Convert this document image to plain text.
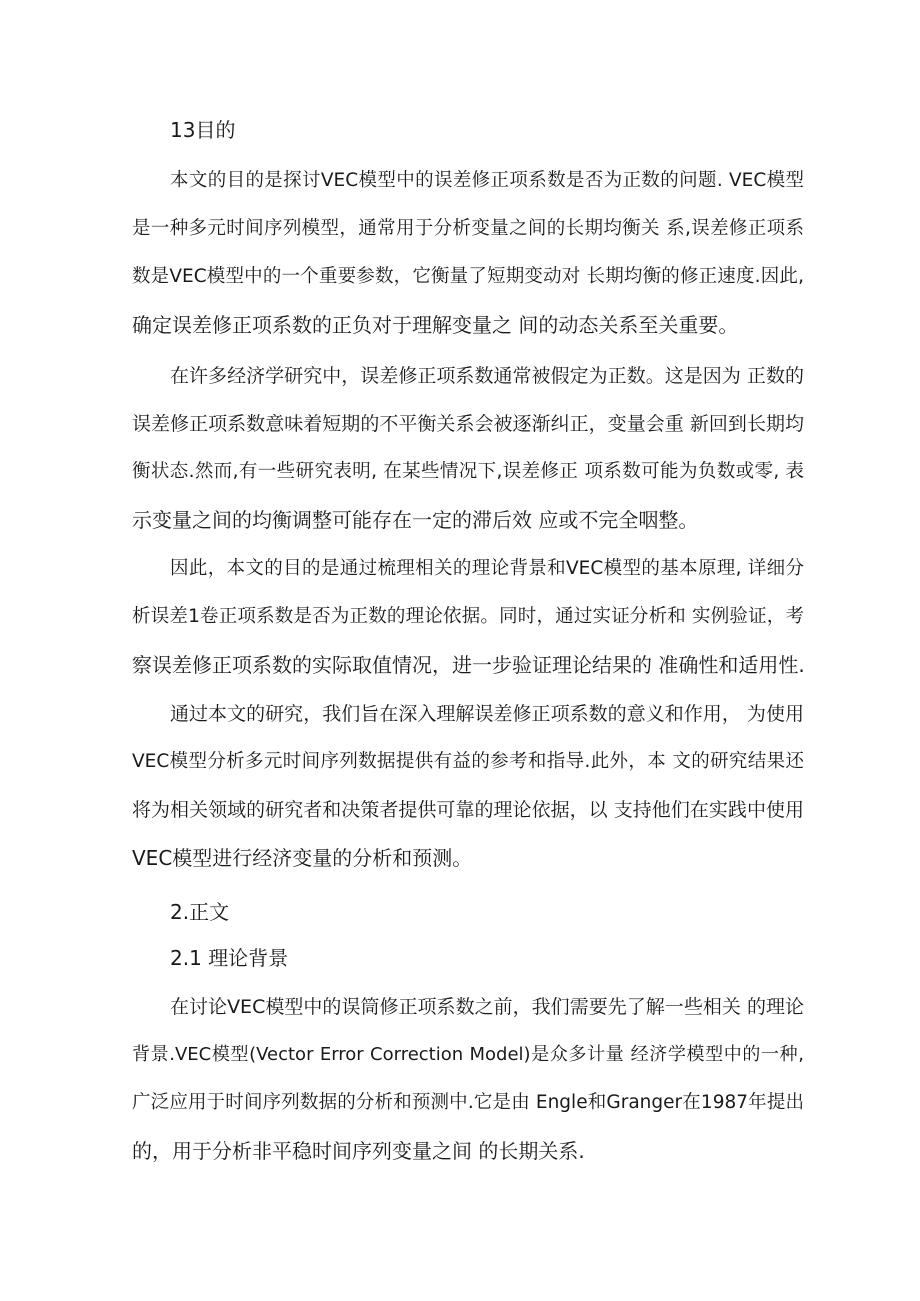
13目的
本文的目的是探讨VEC模型中的误差修正项系数是否为正数的问题. VEC模型
是一种多元时间序列模型，通常用于分析变量之间的长期均衡关 系,误差修正项系
数是VEC模型中的一个重要参数，它衡量了短期变动对 长期均衡的修正速度.因此,
确定误差修正项系数的正负对于理解变量之 间的动态关系至关重要。
在许多经济学研究中，误差修正项系数通常被假定为正数。这是因为 正数的
误差修正项系数意味着短期的不平衡关系会被逐渐纠正，变量会重 新回到长期均
衡状态.然而,有一些研究表明, 在某些情况下,误差修正 项系数可能为负数或零, 表
示变量之间的均衡调整可能存在一定的滞后效 应或不完全咽整。
因此，本文的目的是通过梳理相关的理论背景和VEC模型的基本原理, 详细分
析误差1卷正项系数是否为正数的理论依据。同时，通过实证分析和 实例验证，考
察误差修正项系数的实际取值情况，进一步验证理论结果的 准确性和适用性.
通过本文的研究，我们旨在深入理解误差修正项系数的意义和作用， 为使用
VEC模型分析多元时间序列数据提供有益的参考和指导.此外，本 文的研究结果还
将为相关领域的研究者和决策者提供可靠的理论依据，以 支持他们在实践中使用
VEC模型进行经济变量的分析和预测。
2.正文
2.1 理论背景
在讨论VEC模型中的误筒修正项系数之前，我们需要先了解一些相关 的理论
背景.VEC模型(Vector Error Correction Model)是众多计量 经济学模型中的一种,
广泛应用于时间序列数据的分析和预测中.它是由 Engle和Granger在1987年提出
的，用于分析非平稳时间序列变量之间 的长期关系.
